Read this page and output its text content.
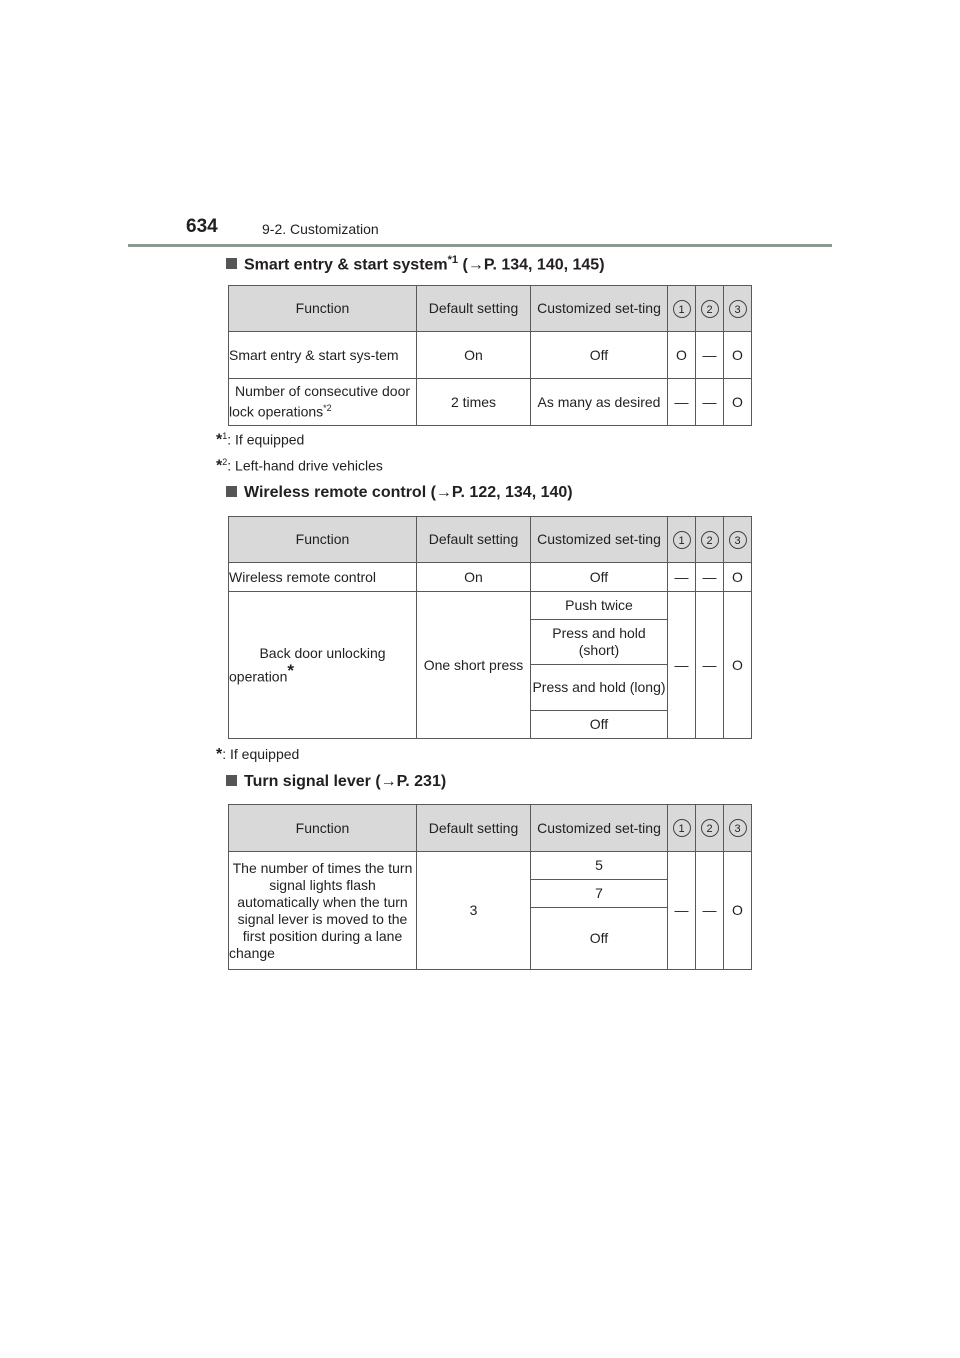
634	9-2. Customization
Smart entry & start system$^{*1}$ (→P. 134, 140, 145)
Function	Default setting	Customized set-ting	1	2	3
Smart entry & start sys-tem	On	Off	O	—	O
Number of consecutive door lock operations$^{*2}$	2 times	As many as desired	—	—	O
*$^1$: If equipped
*$^2$: Left-hand drive vehicles
Wireless remote control (→P. 122, 134, 140)
Function	Default setting	Customized set-ting	1	2	3
Wireless remote control	On	Off	—	—	O
Back door unlocking operation*	One short press	Push twice	—	—	O
		Press and hold (short)			
		Press and hold (long)			
		Off			
*: If equipped
Turn signal lever (→P. 231)
Function	Default setting	Customized set-ting	1	2	3
The number of times the turn signal lights flash automatically when the turn signal lever is moved to the first position during a lane change	3	5	—	—	O
		7			
		Off			
